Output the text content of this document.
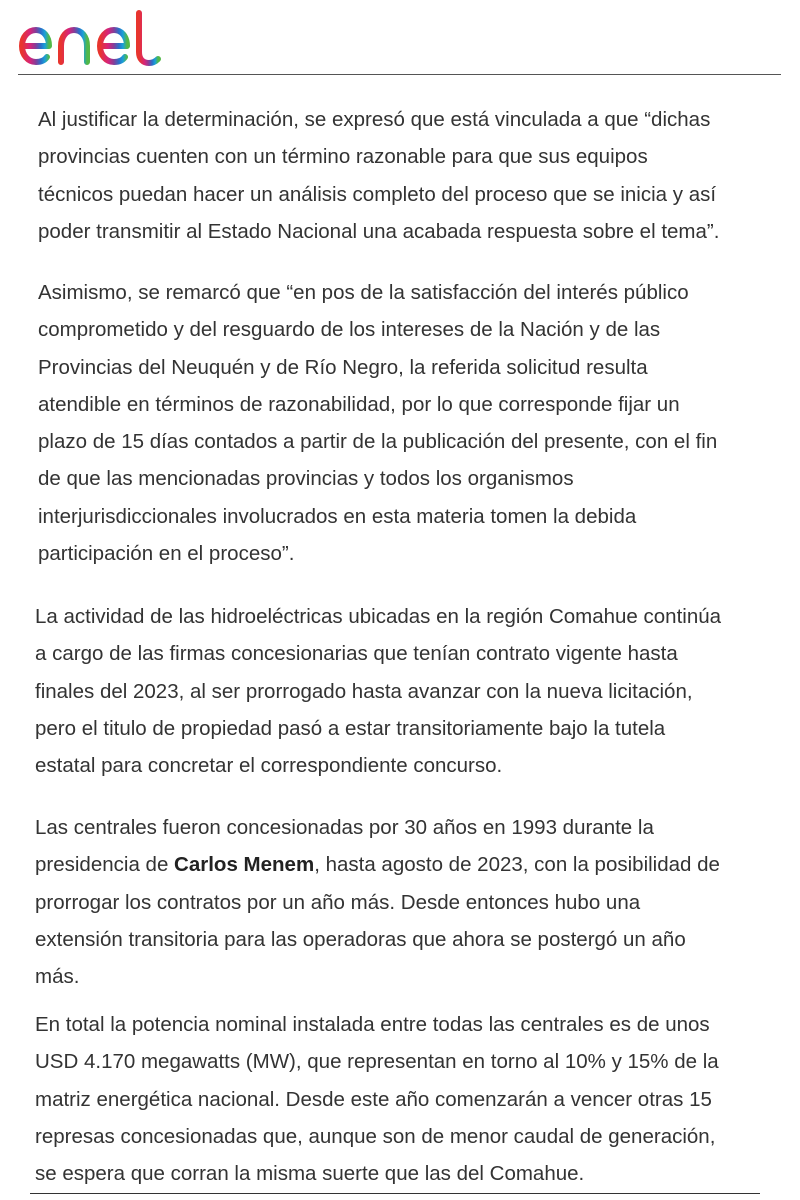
Al justificar la determinación, se expresó que está vinculada a que “dichas
provincias cuenten con un término razonable para que sus equipos
técnicos puedan hacer un análisis completo del proceso que se inicia y así
poder transmitir al Estado Nacional una acabada respuesta sobre el tema”.

Asimismo, se remarcó que “en pos de la satisfacción del interés público
comprometido y del resguardo de los intereses de la Nación y de las
Provincias del Neuquén y de Río Negro, la referida solicitud resulta
atendible en términos de razonabilidad, por lo que corresponde fijar un
plazo de 15 días contados a partir de la publicación del presente, con el fin
de que las mencionadas provincias y todos los organismos
interjurisdiccionales involucrados en esta materia tomen la debida
participación en el proceso”.

La actividad de las hidroeléctricas ubicadas en la región Comahue continúa
a cargo de las firmas concesionarias que tenían contrato vigente hasta
finales del 2023, al ser prorrogado hasta avanzar con la nueva licitación,
pero el titulo de propiedad pasó a estar transitoriamente bajo la tutela
estatal para concretar el correspondiente concurso.

Las centrales fueron concesionadas por 30 años en 1993 durante la
presidencia de Carlos Menem, hasta agosto de 2023, con la posibilidad de
prorrogar los contratos por un año más. Desde entonces hubo una
extensión transitoria para las operadoras que ahora se postergó un año
más.

En total la potencia nominal instalada entre todas las centrales es de unos
USD 4.170 megawatts (MW), que representan en torno al 10% y 15% de la
matriz energética nacional. Desde este año comenzarán a vencer otras 15
represas concesionadas que, aunque son de menor caudal de generación,
se espera que corran la misma suerte que las del Comahue.
